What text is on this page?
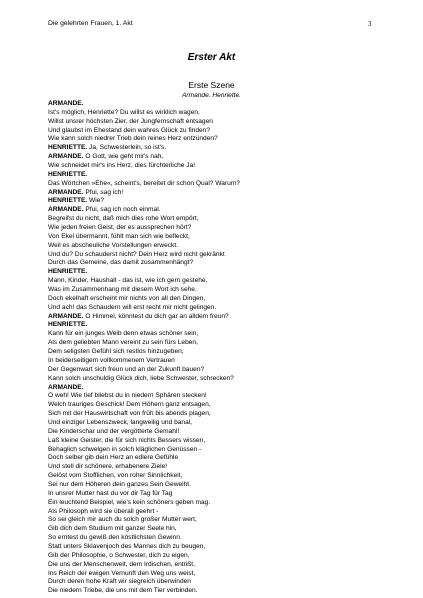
Die gelehrten Frauen, 1. Akt	3
Erster Akt
Erste Szene
Armande. Henriette.
ARMANDE.
Ist's möglich, Henriette? Du willst es wirklich wagen,
Willst unsrer höchsten Zier, der Jungfernschaft entsagen
Und glaubst im Ehestand dein wahres Glück zu finden?
Wie kann solch niedrer Trieb dein reines Herz entzünden?
HENRIETTE. Ja, Schwesterlein, so ist's.
ARMANDE. O Gott, wie geht mir's nah,
Wie schneidet mir's ins Herz, dies fürchterliche Ja!
HENRIETTE.
Das Wörtchen »Ehe«, scheint's, bereitet dir schon Qual? Warum?
ARMANDE. Pfui, sag ich!
HENRIETTE. Wie?
ARMANDE. Pfui, sag ich noch einmal.
Begreifst du nicht, daß mich dies rohe Wort empört,
Wie jeden freien Geist, der es aussprechen hört?
Von Ekel übermannt, fühlt man sich wie befleckt,
Weil es abscheuliche Vorstellungen erweckt.
Und du? Du schauderst nicht? Dein Herz wird nicht gekränkt
Durch das Gemeine, das damit zusammenhängt?
HENRIETTE.
Mann, Kinder, Haushalt - das ist, wie ich gern gestehe,
Was im Zusammenhang mit diesem Wort ich sehe.
Doch ekelhaft erscheint mir nichts von all den Dingen,
Und ach! das Schaudern will erst recht mir nicht gelingen.
ARMANDE. O Himmel, könntest du dich gar an alldem freun?
HENRIETTE.
Kann für ein junges Weib denn etwas schöner sein,
Als dem geliebten Mann vereint zu sein fürs Leben,
Dem seligsten Gefühl sich restlos hinzugeben,
In beiderseitigem vollkommenem Vertrauen
Der Gegenwart sich freun und an der Zukunft bauen?
Kann solch unschuldig Glück dich, liebe Schwester, schrecken?
ARMANDE.
O weh! Wie tief bliebst du in niedern Sphären stecken!
Welch trauriges Geschick! Dem Höhern ganz entsagen,
Sich mit der Hauswirtschaft von früh bis abends plagen,
Und einziger Lebenszweck, langweilig und banal,
Die Kinderschar und der vergötterte Gemahl!
Laß kleine Geister, die für sich nichts Bessers wissen,
Behaglich schwelgen in solch kläglichen Genüssen -
Doch selber gib dein Herz an edlere Gefühle
Und stell dir schönere, erhabenere Ziele!
Gelöst vom Stofflichen, von roher Sinnlichkeit,
Sei nur dem Höheren dein ganzes Sein Geweiht.
In unsrer Mutter hast du vor dir Tag für Tag
Ein leuchtend Beispiel, wie's kein schöners geben mag.
Als Philosoph wird sie überall geehrt -
So sei gleich mir auch du solch großer Mutter wert,
Gib dich dem Studium mit ganzer Seele hin,
So erntest du gewiß den köstlichsten Gewinn.
Statt unters Sklavenjoch des Mannes dich zu beugen,
Gib der Philosophie, o Schwester, dich zu eigen,
Die uns der Menschenwelt, dem Irdischen, entrißt,
Ins Reich der ewigen Vernunft den Weg uns weist,
Durch deren hohe Kraft wir siegreich überwinden
Die niedern Triebe, die uns mit dem Tier verbinden.
